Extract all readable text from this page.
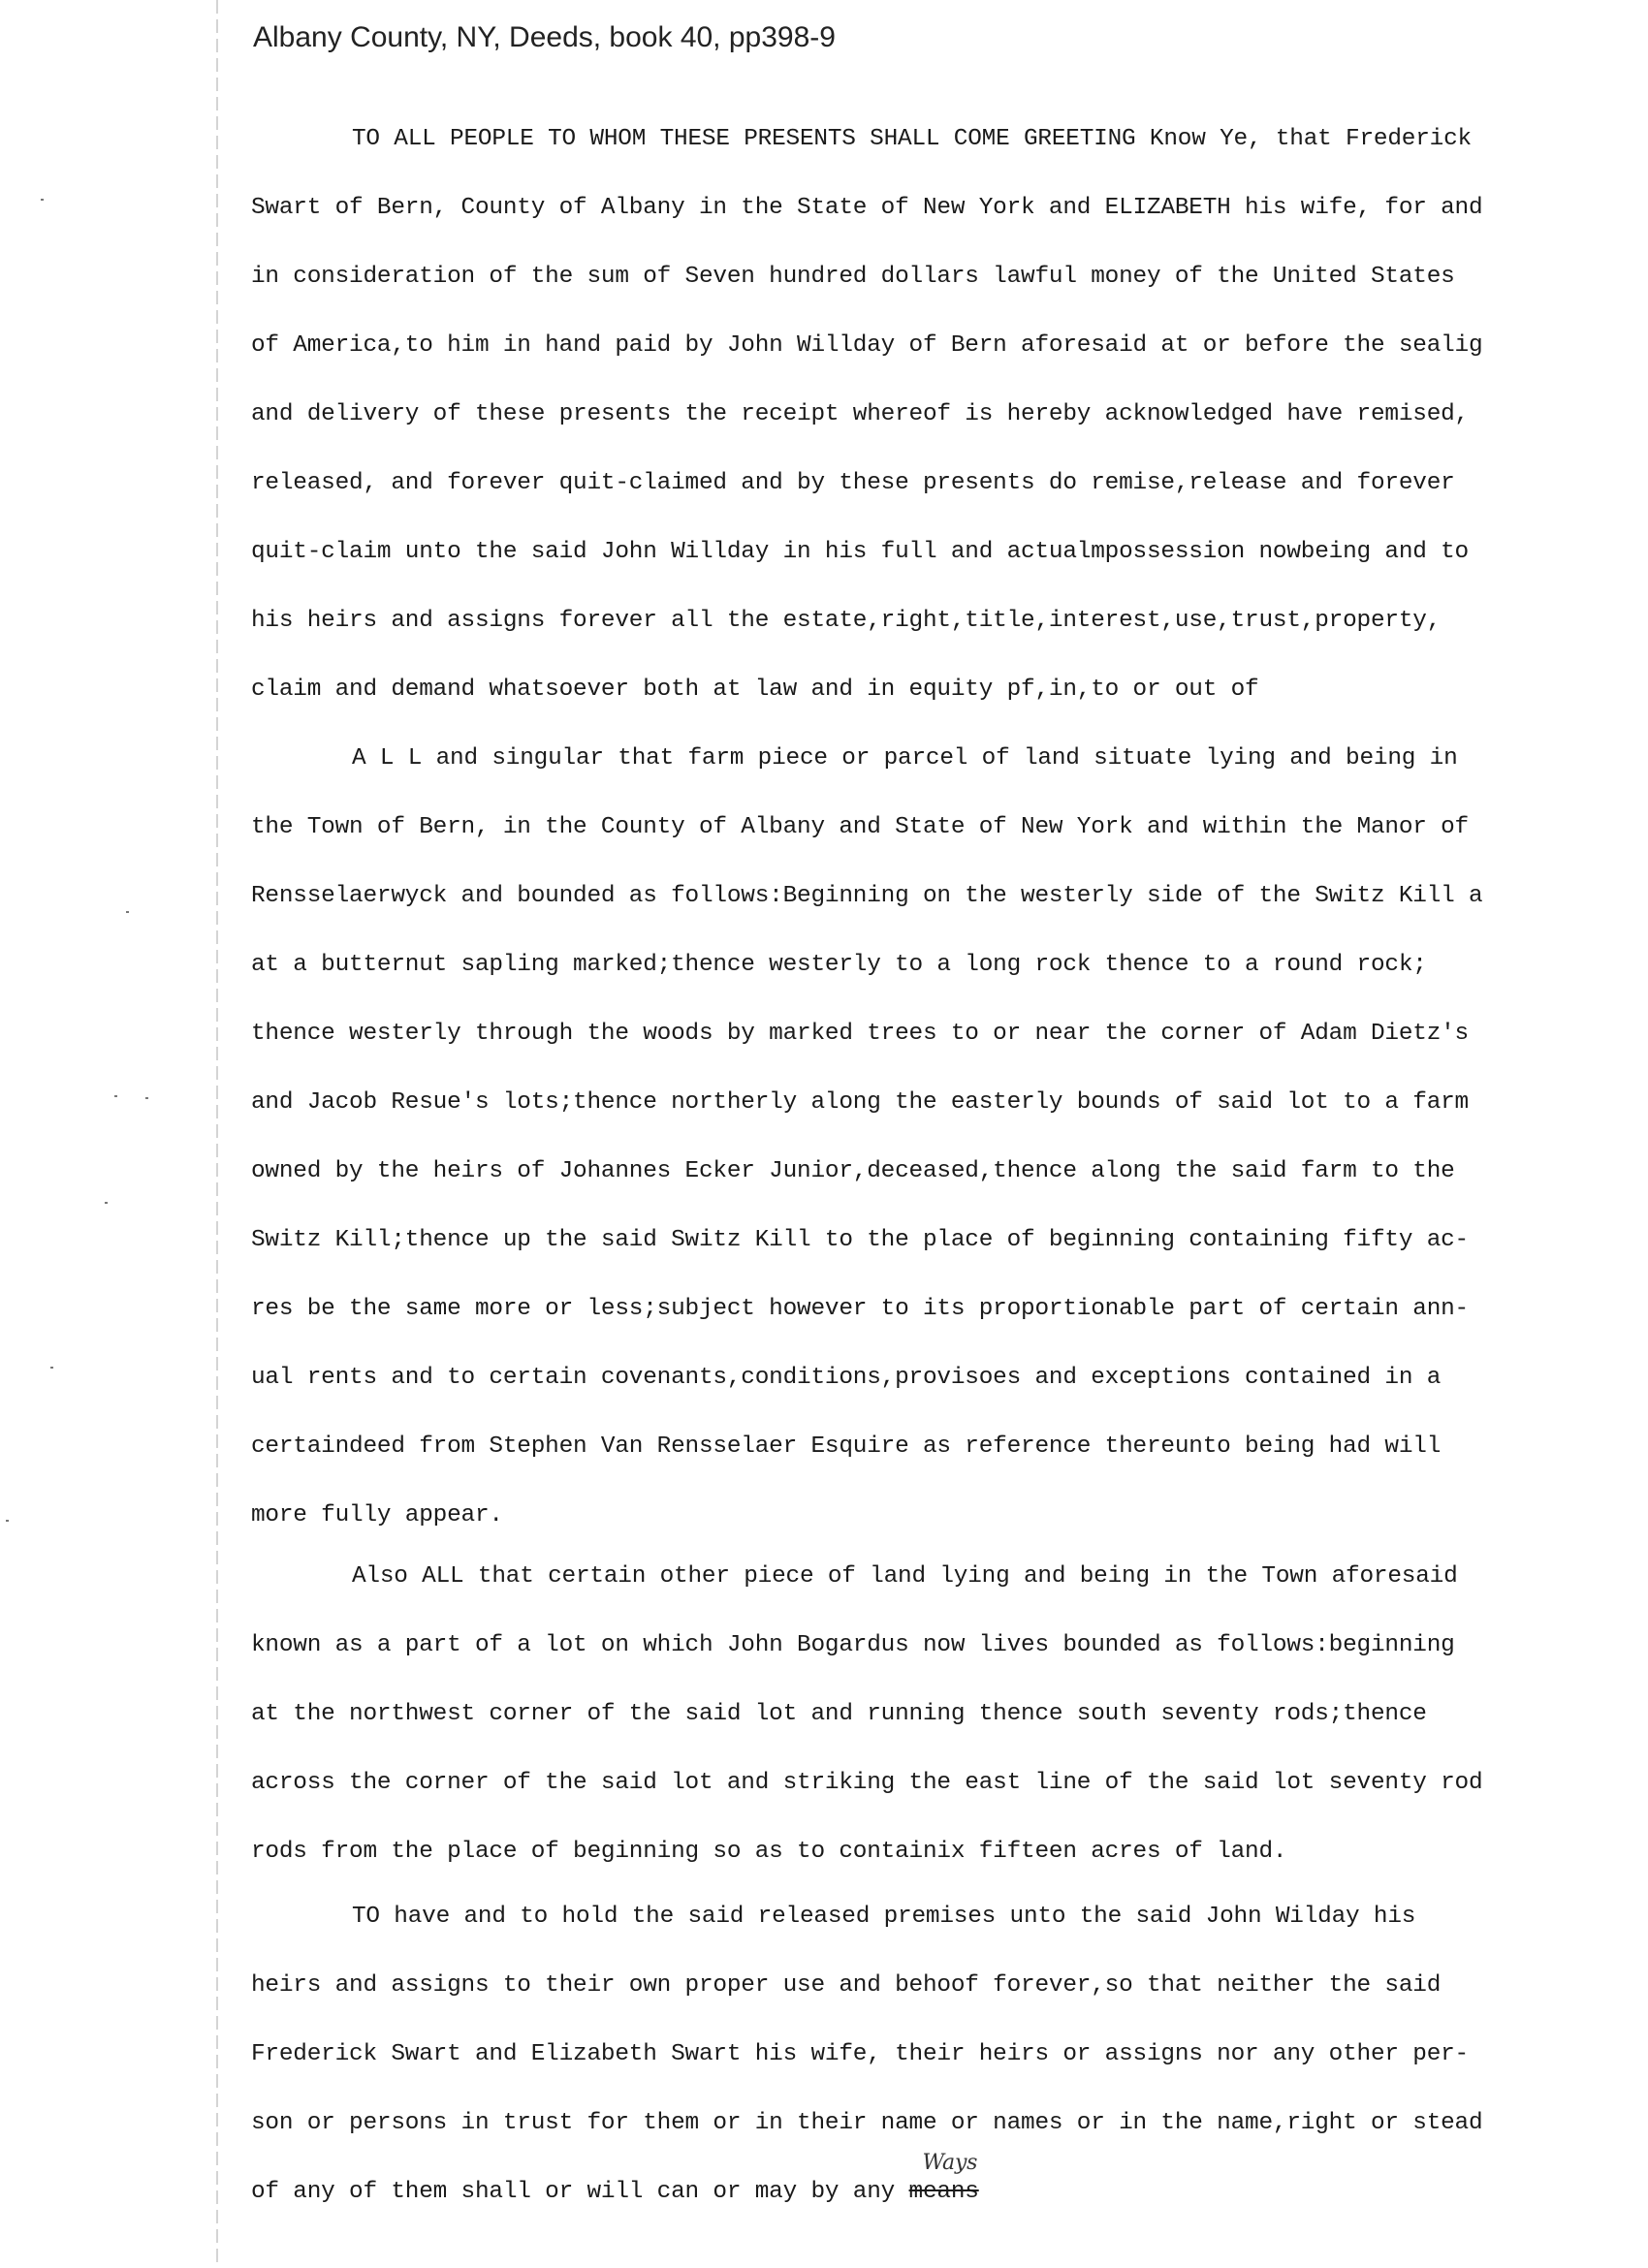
Albany County, NY, Deeds, book 40, pp398-9
TO ALL PEOPLE TO WHOM THESE PRESENTS SHALL COME GREETING Know Ye, that Frederick
Swart of Bern, County of Albany in the State of New York and ELIZABETH his wife, for and
in consideration of the sum of Seven hundred dollars lawful money of the United States
of America,to him in hand paid by John Willday of Bern aforesaid at or before the sealig
and delivery of these presents the receipt whereof is hereby acknowledged have remised,
released, and forever quit-claimed and by these presents do remise,release and forever
quit-claim unto the said John Willday in his full and actualmpossession nowbeing and to
his heirs and assigns forever all the estate,right,title,interest,use,trust,property,
claim and demand whatsoever both at law and in equity pf,in,to or out of
A L L and singular that farm piece or parcel of land situate lying and being in
the Town of Bern, in the County of Albany and State of New York and within the Manor of
Rensselaerwyck and bounded as follows:Beginning on the westerly side of the Switz Kill a
at a butternut sapling marked;thence westerly to a long rock thence to a round rock;
thence westerly through the woods by marked trees to or near the corner of Adam Dietz's
and Jacob Resue's lots;thence northerly along the easterly bounds of said lot to a farm
owned by the heirs of Johannes Ecker Junior,deceased,thence along the said farm to the
Switz Kill;thence up the said Switz Kill to the place of beginning containing fifty ac-
res be the same more or less;subject however to its proportionable part of certain ann-
ual rents and to certain covenants,conditions,provisoes and exceptions contained in a
certaindeed from Stephen Van Rensselaer Esquire as reference thereunto being had will
more fully appear.
Also ALL that certain other piece of land lying and being in the Town aforesaid
known as a part of a lot on which John Bogardus now lives bounded as follows:beginning
at the northwest corner of the said lot and running thence south seventy rods;thence
across the corner of the said lot and striking the east line of the said lot seventy rod
rods from the place of beginning so as to containix fifteen acres of land.
TO have and to hold the said released premises unto the said John Wilday his
heirs and assigns to their own proper use and behoof forever,so that neither the said
Frederick Swart and Elizabeth Swart his wife, their heirs or assigns nor any other per-
son or persons in trust for them or in their name or names or in the name,right or stead
of any of them shall or will can or may by any
Ways
means
